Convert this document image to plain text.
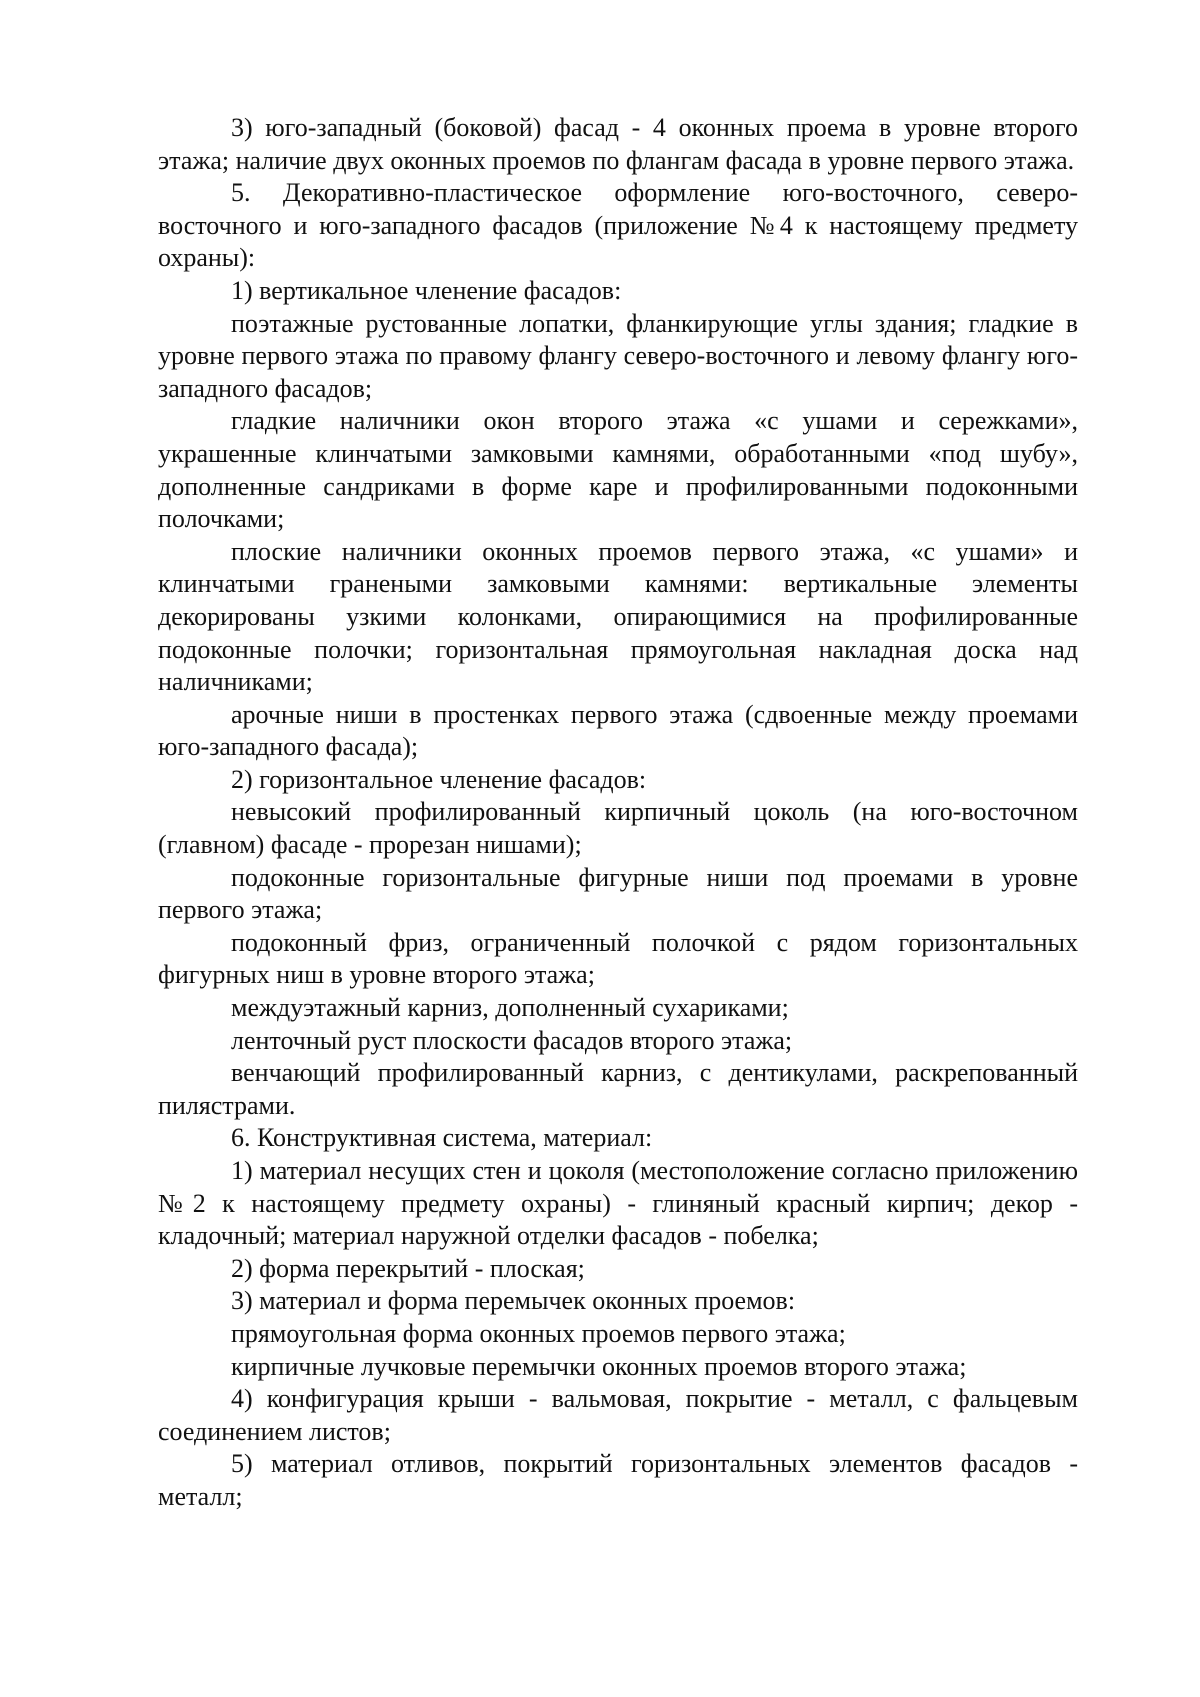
3) юго-западный (боковой) фасад - 4 оконных проема в уровне второго этажа; наличие двух оконных проемов по флангам фасада в уровне первого этажа.

5. Декоративно-пластическое оформление юго-восточного, северо-восточного и юго-западного фасадов (приложение №4 к настоящему предмету охраны):

1) вертикальное членение фасадов:

поэтажные рустованные лопатки, фланкирующие углы здания; гладкие в уровне первого этажа по правому флангу северо-восточного и левому флангу юго-западного фасадов;

гладкие наличники окон второго этажа «с ушами и сережками», украшенные клинчатыми замковыми камнями, обработанными «под шубу», дополненные сандриками в форме каре и профилированными подоконными полочками;

плоские наличники оконных проемов первого этажа, «с ушами» и клинчатыми гранеными замковыми камнями: вертикальные элементы декорированы узкими колонками, опирающимися на профилированные подоконные полочки; горизонтальная прямоугольная накладная доска над наличниками;

арочные ниши в простенках первого этажа (сдвоенные между проемами юго-западного фасада);

2) горизонтальное членение фасадов:

невысокий профилированный кирпичный цоколь (на юго-восточном (главном) фасаде - прорезан нишами);

подоконные горизонтальные фигурные ниши под проемами в уровне первого этажа;

подоконный фриз, ограниченный полочкой с рядом горизонтальных фигурных ниш в уровне второго этажа;

междуэтажный карниз, дополненный сухариками;

ленточный руст плоскости фасадов второго этажа;

венчающий профилированный карниз, с дентикулами, раскрепованный пилястрами.

6. Конструктивная система, материал:

1) материал несущих стен и цоколя (местоположение согласно приложению №2 к настоящему предмету охраны) - глиняный красный кирпич; декор - кладочный; материал наружной отделки фасадов - побелка;

2) форма перекрытий - плоская;

3) материал и форма перемычек оконных проемов:

прямоугольная форма оконных проемов первого этажа;

кирпичные лучковые перемычки оконных проемов второго этажа;

4) конфигурация крыши - вальмовая, покрытие - металл, с фальцевым соединением листов;

5) материал отливов, покрытий горизонтальных элементов фасадов - металл;
